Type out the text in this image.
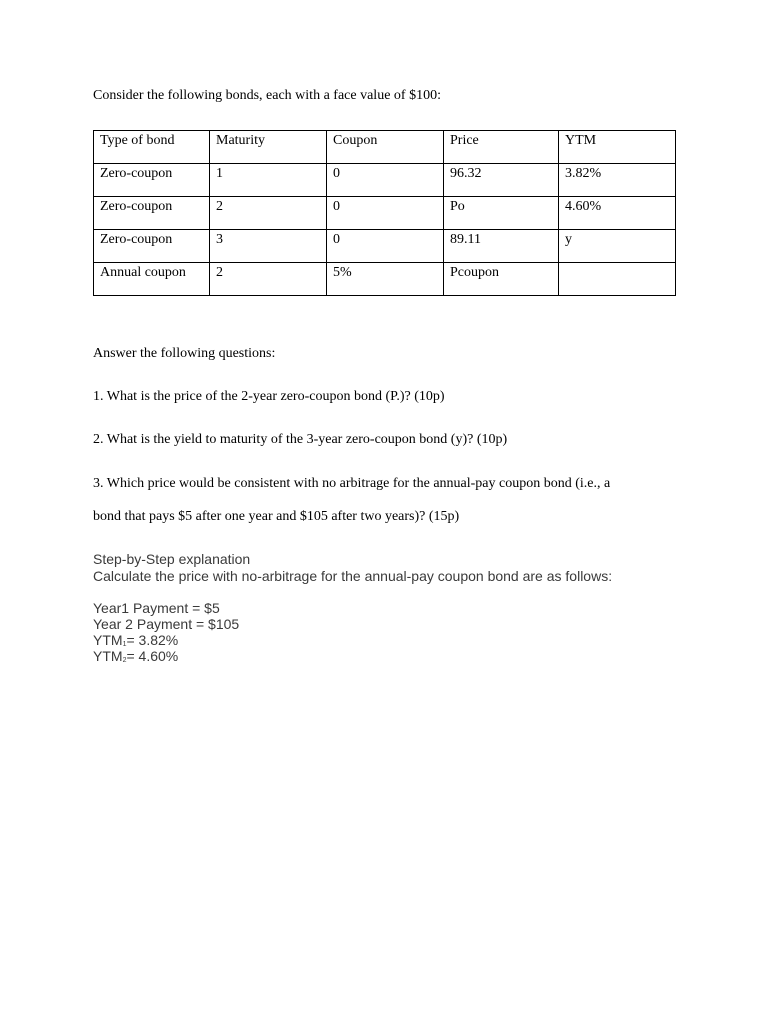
Consider the following bonds, each with a face value of $100:
Type of bond	Maturity	Coupon	Price	YTM
Zero-coupon	1	0	96.32	3.82%
Zero-coupon	2	0	Po	4.60%
Zero-coupon	3	0	89.11	y
Annual coupon	2	5%	Pcoupon	
Answer the following questions:
1. What is the price of the 2-year zero-coupon bond (P.)? (10p)
2. What is the yield to maturity of the 3-year zero-coupon bond (y)? (10p)
3. Which price would be consistent with no arbitrage for the annual-pay coupon bond (i.e., a
bond that pays $5 after one year and $105 after two years)? (15p)
Step-by-Step explanation
Calculate the price with no-arbitrage for the annual-pay coupon bond are as follows:
Year1 Payment = $5
Year 2 Payment = $105
YTM1= 3.82%
YTM2= 4.60%
